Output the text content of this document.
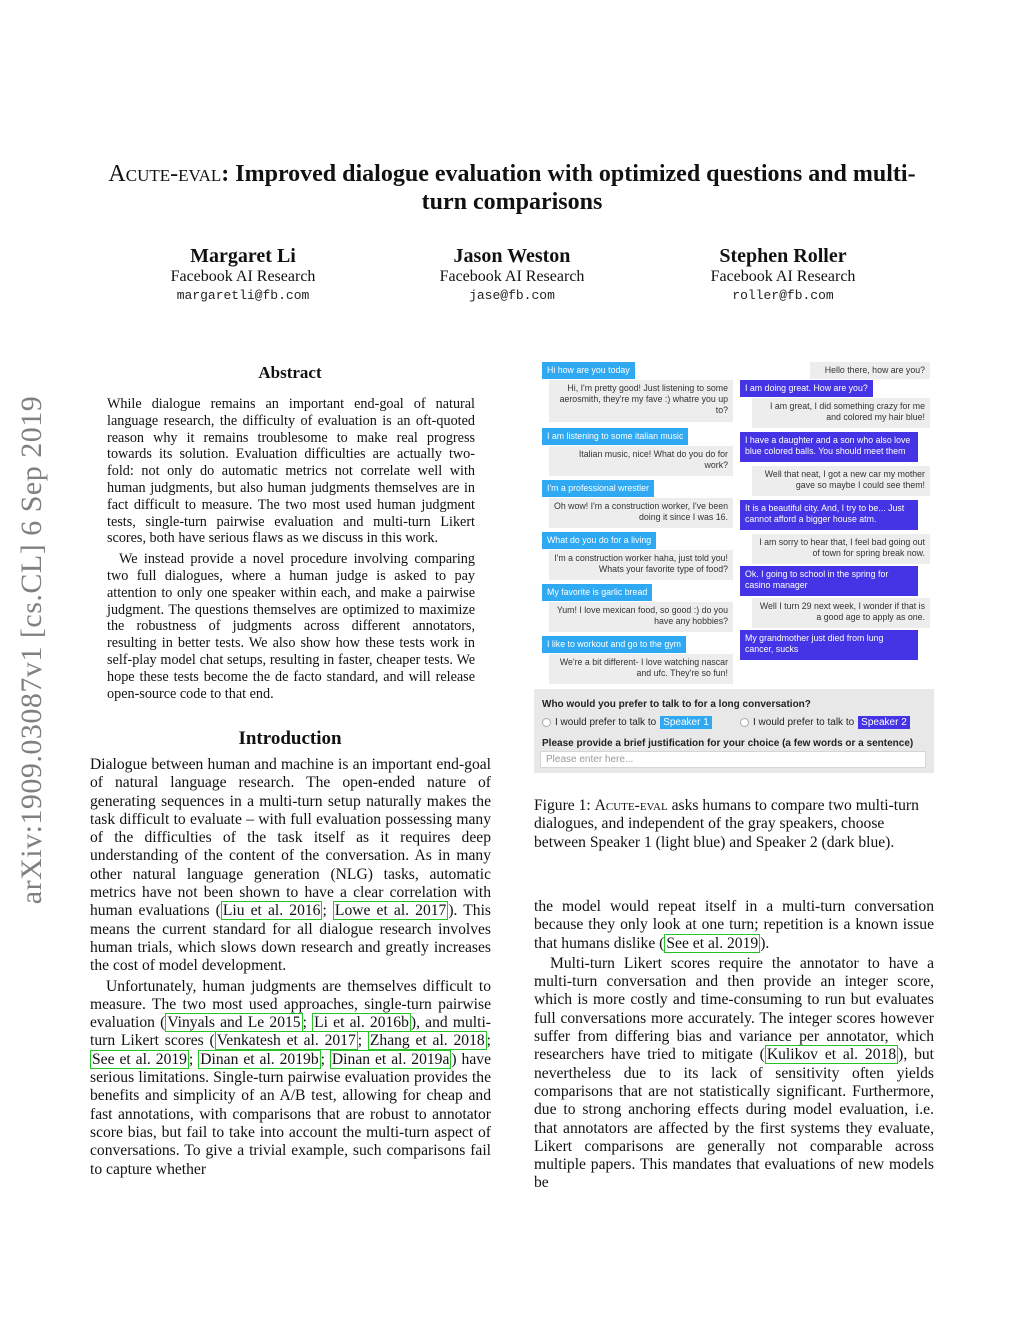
Acute-eval: Improved dialogue evaluation with optimized questions and multi-turn comparisons
Margaret Li
Facebook AI Research
margaretli@fb.com
Jason Weston
Facebook AI Research
jase@fb.com
Stephen Roller
Facebook AI Research
roller@fb.com
arXiv:1909.03087v1 [cs.CL] 6 Sep 2019
Abstract

While dialogue remains an important end-goal of natural language research, the difficulty of evaluation is an oft-quoted reason why it remains troublesome to make real progress towards its solution. Evaluation difficulties are actually two-fold: not only do automatic metrics not correlate well with human judgments, but also human judgments themselves are in fact difficult to measure. The two most used human judgment tests, single-turn pairwise evaluation and multi-turn Likert scores, both have serious flaws as we discuss in this work.

We instead provide a novel procedure involving comparing two full dialogues, where a human judge is asked to pay attention to only one speaker within each, and make a pairwise judgment. The questions themselves are optimized to maximize the robustness of judgments across different annotators, resulting in better tests. We also show how these tests work in self-play model chat setups, resulting in faster, cheaper tests. We hope these tests become the de facto standard, and will release open-source code to that end.

Introduction

Dialogue between human and machine is an important end-goal of natural language research. The open-ended nature of generating sequences in a multi-turn setup naturally makes the task difficult to evaluate – with full evaluation possessing many of the difficulties of the task itself as it requires deep understanding of the content of the conversation. As in many other natural language generation (NLG) tasks, automatic metrics have not been shown to have a clear correlation with human evaluations ( Liu et al. 2016 ; Lowe et al. 2017 ). This means the current standard for all dialogue research involves human trials, which slows down research and greatly increases the cost of model development.

Unfortunately, human judgments are themselves difficult to measure. The two most used approaches, single-turn pairwise evaluation ( Vinyals and Le 2015 ; Li et al. 2016b ), and multi-turn Likert scores ( Venkatesh et al. 2017 ; Zhang et al. 2018 ; See et al. 2019 ; Dinan et al. 2019b ; Dinan et al. 2019a ) have serious limitations. Single-turn pairwise evaluation provides the benefits and simplicity of an A/B test, allowing for cheap and fast annotations, with comparisons that are robust to annotator score bias, but fail to take into account the multi-turn aspect of conversations. To give a trivial example, such comparisons fail to capture whether

Hi how are you today
Hi, I'm pretty good! Just listening to some aerosmith, they're my fave :) whatre you up to?
I am listening to some italian music
Italian music, nice! What do you do for work?
I'm a professional wrestler
Oh wow! I'm a construction worker, I've been doing it since I was 16.
What do you do for a living
I'm a construction worker haha, just told you! Whats your favorite type of food?
My favorite is garlic bread
Yum! I love mexican food, so good :) do you have any hobbies?
I like to workout and go to the gym
We're a bit different- I love watching nascar and ufc. They're so fun!
Hello there, how are you?
I am doing great. How are you?
I am great, I did something crazy for me and colored my hair blue!
I have a daughter and a son who also love blue colored balls. You should meet them
Well that neat, I got a new car my mother gave so maybe I could see them!
It is a beautiful city. And, I try to be... Just cannot afford a bigger house atm.
I am sorry to hear that, I feel bad going out of town for spring break now.
Ok. I going to school in the spring for casino manager
Well I turn 29 next week, I wonder if that is a good age to apply as one.
My grandmother just died from lung cancer, sucks
Who would you prefer to talk to for a long conversation?
I would prefer to talk to Speaker 1	I would prefer to talk to Speaker 2
Please provide a brief justification for your choice (a few words or a sentence)
Please enter here...
Figure 1: Acute-eval asks humans to compare two multi-turn dialogues, and independent of the gray speakers, choose between Speaker 1 (light blue) and Speaker 2 (dark blue).

the model would repeat itself in a multi-turn conversation because they only look at one turn; repetition is a known issue that humans dislike ( See et al. 2019 ).

Multi-turn Likert scores require the annotator to have a multi-turn conversation and then provide an integer score, which is more costly and time-consuming to run but evaluates full conversations more accurately. The integer scores however suffer from differing bias and variance per annotator, which researchers have tried to mitigate ( Kulikov et al. 2018 ), but nevertheless due to its lack of sensitivity often yields comparisons that are not statistically significant. Furthermore, due to strong anchoring effects during model evaluation, i.e. that annotators are affected by the first systems they evaluate, Likert comparisons are generally not comparable across multiple papers. This mandates that evaluations of new models be
